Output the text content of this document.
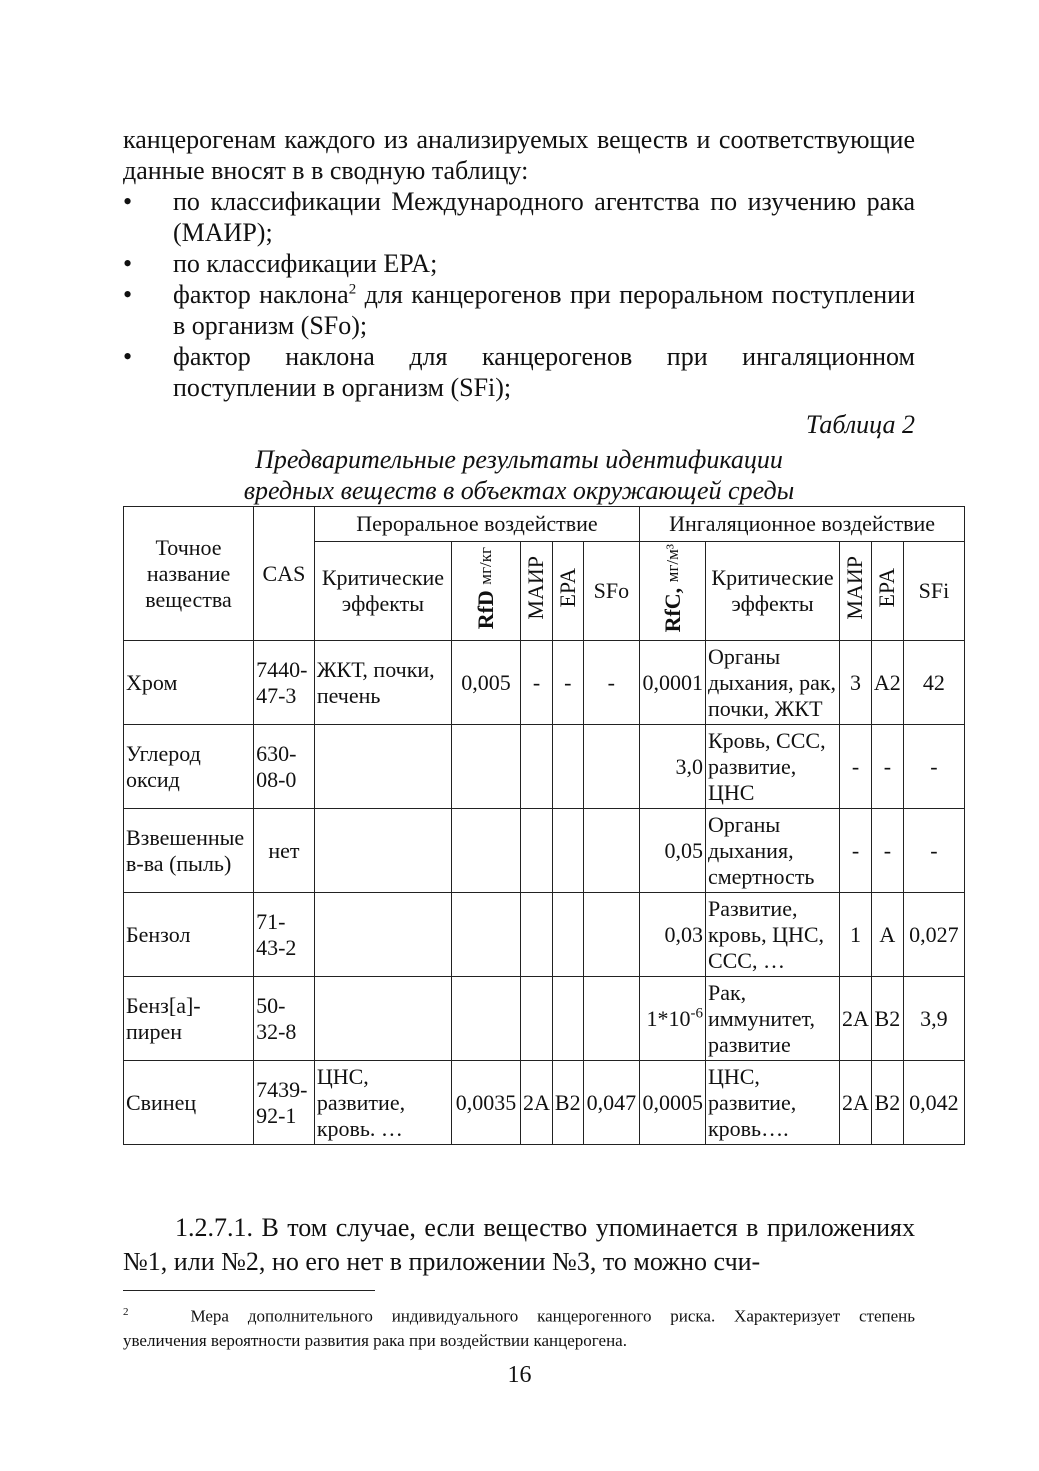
канцерогенам каждого из анализируемых веществ и соответствующие данные вносят в в сводную таблицу:

• по классификации Международного агентства по изучению рака (МАИР);
• по классификации EPA;
• фактор наклона$^2$ для канцерогенов при пероральном поступлении в организм (SFo);
• фактор наклона для канцерогенов при ингаляционном поступлении в организм (SFi);
Таблица 2
Предварительные результаты идентификации
вредных веществ в объектах окружающей среды
Точное название вещества	CAS	Пероральное воздействие					Ингаляционное воздействие				
		Критические эффекты	RfD мг/кг	МАИР	EPA	SFo	RfC, мг/м³	Критические эффекты	МАИР	EPA	SFi
Хром	7440-47-3	ЖКТ, почки, печень	0,005	-	-	-	0,0001	Органы дыхания, рак, почки, ЖКТ	3	A2	42
Углерод оксид	630-08-0						3,0	Кровь, ССС, развитие, ЦНС	-	-	-
Взвешенные в-ва (пыль)	нет						0,05	Органы дыхания, смертность	-	-	-
Бензол	71-43-2						0,03	Развитие, кровь, ЦНС, ССС, …	1	A	0,027
Бенз[а]-пирен	50-32-8						$1*10^{-6}$	Рак, иммунитет, развитие	2A	B2	3,9
Свинец	7439-92-1	ЦНС, развитие, кровь. …	0,0035	2A	B2	0,047	0,0005	ЦНС, развитие, кровь….	2A	B2	0,042

1.2.7.1. В том случае, если вещество упоминается в приложениях №1, или №2, но его нет в приложении №3, то можно счи-

$^2$	Мера дополнительного индивидуального канцерогенного риска. Характеризует степень увеличения вероятности развития рака при воздействии канцерогена.
16
